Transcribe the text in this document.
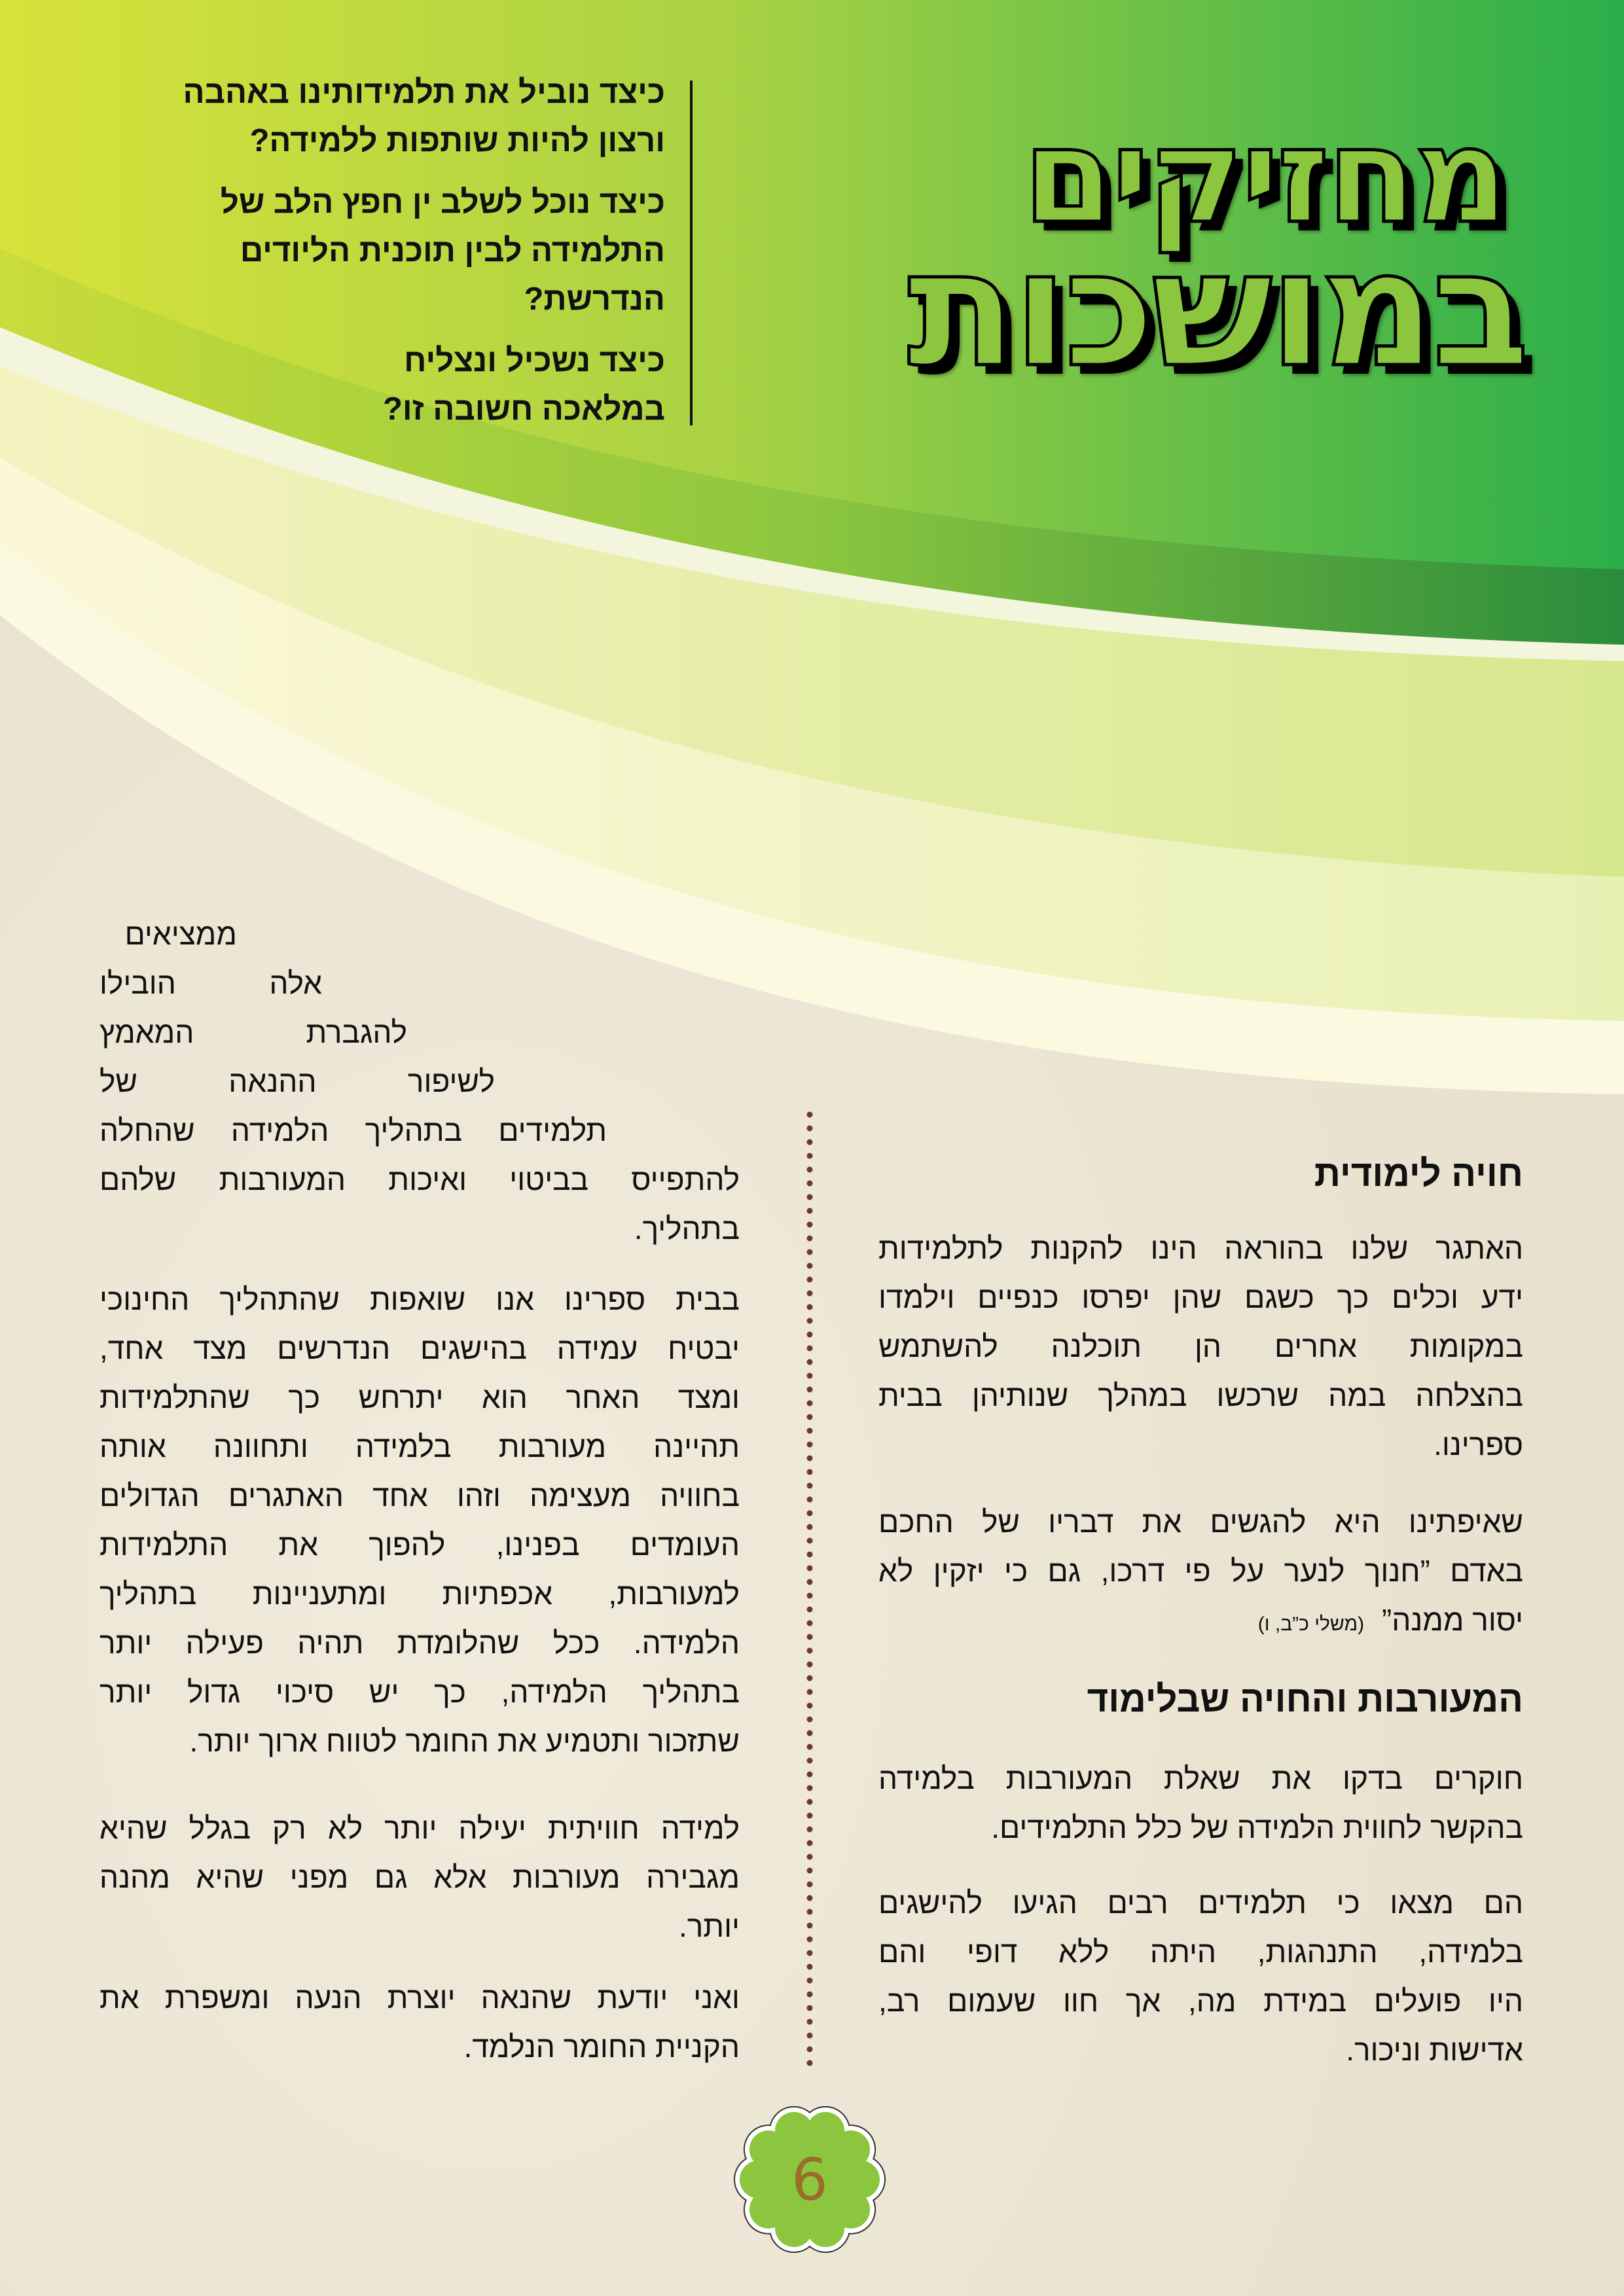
מחזיקים
במושכות
כיצד נוביל את תלמידותינו באהבה
ורצון להיות שותפות ללמידה?
כיצד נוכל לשלב ין חפץ הלב של
התלמידה לבין תוכנית הליודים
הנדרשת?
כיצד נשכיל ונצליח
במלאכה חשובה זו?
חויה לימודית
האתגר שלנו בהוראה הינו להקנות לתלמידות
ידע וכלים כך כשגם שהן יפרסו כנפיים וילמדו
במקומות אחרים הן תוכלנה להשתמש
בהצלחה במה שרכשו במהלך שנותיהן בבית
ספרינו.
שאיפתינו היא להגשים את דבריו של החכם
באדם ”חנוך לנער על פי דרכו, גם כי יזקין לא
יסור ממנה” (משלי כ”ב, ו)
המעורבות והחויה שבלימוד
חוקרים בדקו את שאלת המעורבות בלמידה
בהקשר לחווית הלמידה של כלל התלמידים.
הם מצאו כי תלמידים רבים הגיעו להישגים
בלמידה, התנהגות, היתה ללא דופי והם
היו פועלים במידת מה, אך חוו שעמום רב,
אדישות וניכור.
ממציאים
אלה הובילו
להגברת המאמץ
לשיפור ההנאה של
תלמידים בתהליך הלמידה שהחלה
להתפייס בביטוי ואיכות המעורבות שלהם
בתהליך.
בבית ספרינו אנו שואפות שהתהליך החינוכי
יבטיח עמידה בהישגים הנדרשים מצד אחד,
ומצד האחר הוא יתרחש כך שהתלמידות
תהיינה מעורבות בלמידה ותחוונה אותה
בחוויה מעצימה וזהו אחד האתגרים הגדולים
העומדים בפנינו, להפוך את התלמידות
למעורבות, אכפתיות ומתעניינות בתהליך
הלמידה. ככל שהלומדת תהיה פעילה יותר
בתהליך הלמידה, כך יש סיכוי גדול יותר
שתזכור ותטמיע את החומר לטווח ארוך יותר.
למידה חוויתית יעילה יותר לא רק בגלל שהיא
מגבירה מעורבות אלא גם מפני שהיא מהנה
יותר.
ואני יודעת שהנאה יוצרת הנעה ומשפרת את
הקניית החומר הנלמד.
6
